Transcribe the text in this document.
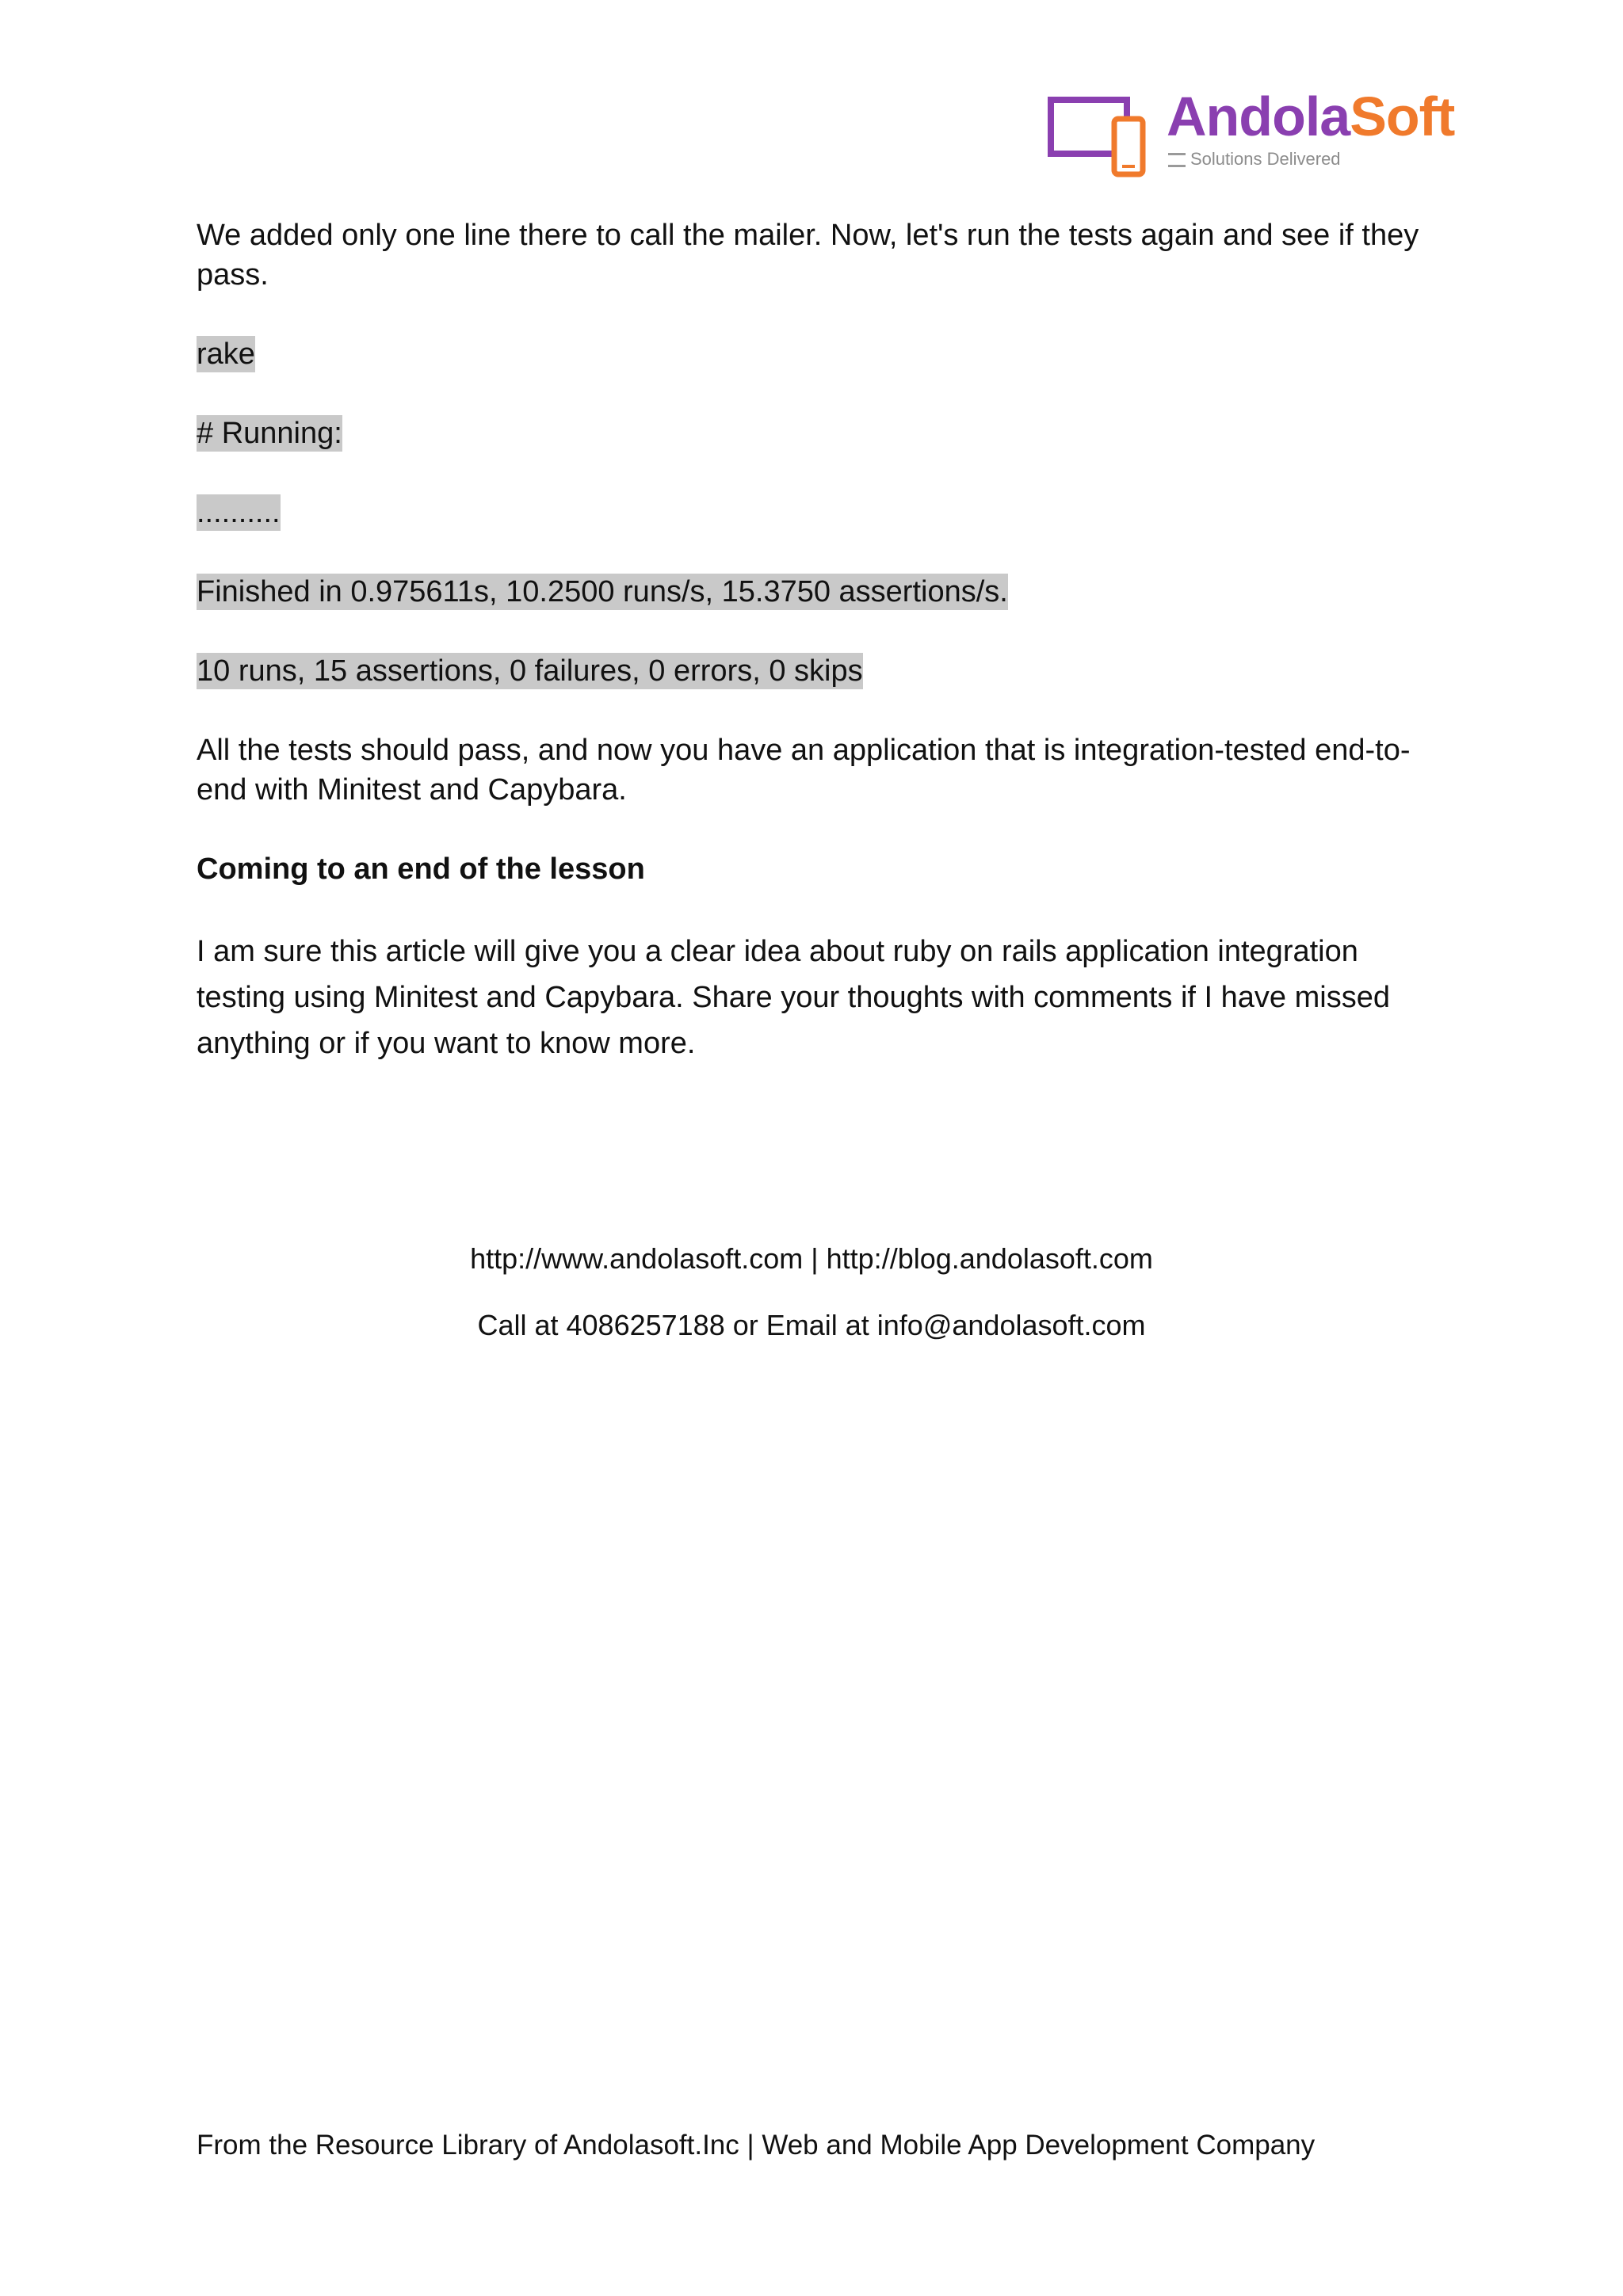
AndolaSoft
Solutions Delivered

We added only one line there to call the mailer. Now, let's run the tests again and see if they pass.

rake

# Running:

..........

Finished in 0.975611s, 10.2500 runs/s, 15.3750 assertions/s.

10 runs, 15 assertions, 0 failures, 0 errors, 0 skips

All the tests should pass, and now you have an application that is integration-tested end-to-end with Minitest and Capybara.

Coming to an end of the lesson

I am sure this article will give you a clear idea about ruby on rails application integration testing using Minitest and Capybara. Share your thoughts with comments if I have missed anything or if you want to know more.

http://www.andolasoft.com | http://blog.andolasoft.com
Call at 4086257188 or Email at info@andolasoft.com
From the Resource Library of Andolasoft.Inc | Web and Mobile App Development Company
